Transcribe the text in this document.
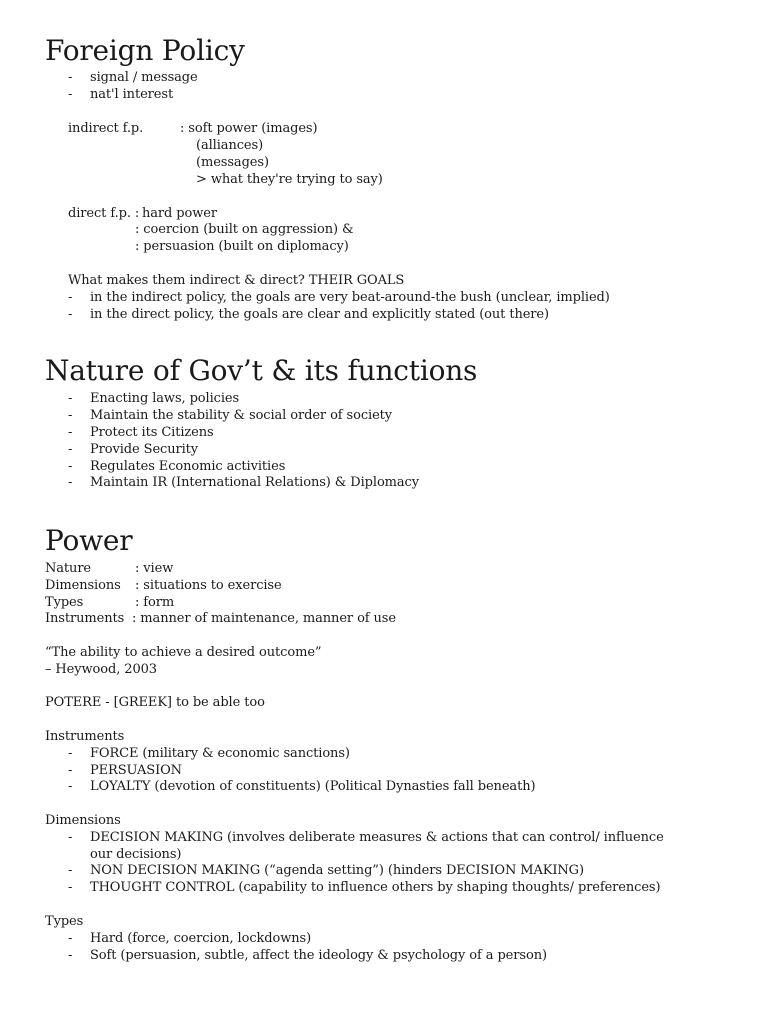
Foreign Policy
- signal / message

- nat'l interest

indirect f.p.	: soft power (images)

(alliances)

(messages)

> what they're trying to say)

direct f.p. : hard power

: coercion (built on aggression) &

: persuasion (built on diplomacy)

What makes them indirect & direct? THEIR GOALS

- in the indirect policy, the goals are very beat-around-the bush (unclear, implied)

- in the direct policy, the goals are clear and explicitly stated (out there)

Nature of Gov’t & its functions
- Enacting laws, policies

- Maintain the stability & social order of society

- Protect its Citizens

- Provide Security

- Regulates Economic activities

- Maintain IR (International Relations) & Diplomacy

Power

Nature	: view

Dimensions : situations to exercise

Types	: form

Instruments : manner of maintenance, manner of use

“The ability to achieve a desired outcome”

– Heywood, 2003

POTERE - [GREEK] to be able too

Instruments

- FORCE (military & economic sanctions)

- PERSUASION

- LOYALTY (devotion of constituents) (Political Dynasties fall beneath)

Dimensions

- DECISION MAKING (involves deliberate measures & actions that can control/ influence

our decisions)

- NON DECISION MAKING (“agenda setting”) (hinders DECISION MAKING)

- THOUGHT CONTROL (capability to influence others by shaping thoughts/ preferences)

Types

- Hard (force, coercion, lockdowns)

- Soft (persuasion, subtle, affect the ideology & psychology of a person)
